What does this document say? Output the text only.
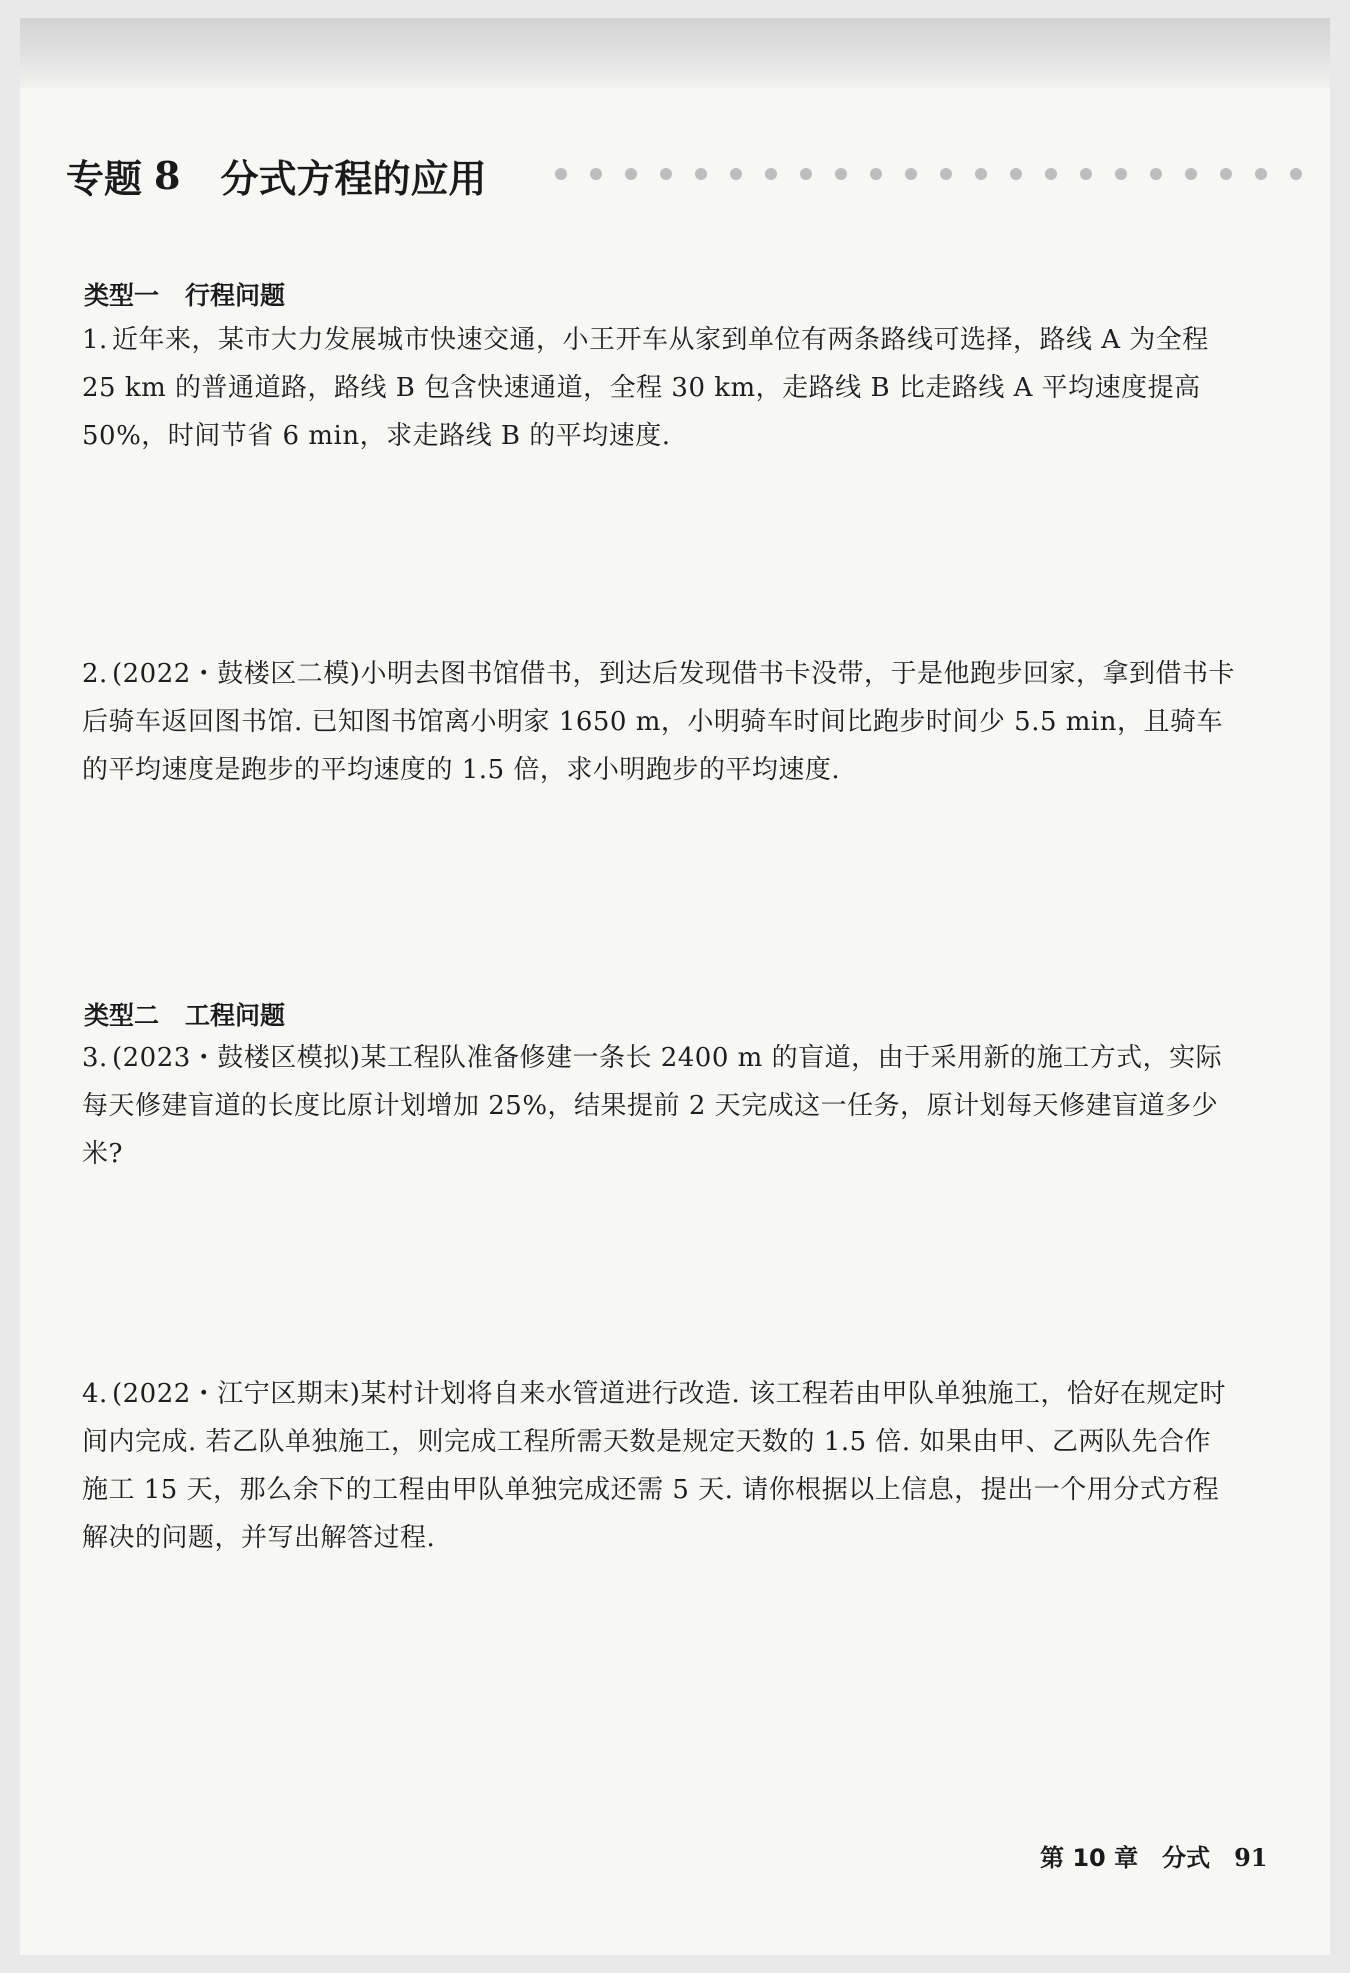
专题 8 分式方程的应用
类型一 行程问题
1. 近年来，某市大力发展城市快速交通，小王开车从家到单位有两条路线可选择，路线 A 为全程 25 km 的普通道路，路线 B 包含快速通道，全程 30 km，走路线 B 比走路线 A 平均速度提高 50%，时间节省 6 min，求走路线 B 的平均速度.
2. (2022・鼓楼区二模)小明去图书馆借书，到达后发现借书卡没带，于是他跑步回家，拿到借书卡后骑车返回图书馆. 已知图书馆离小明家 1650 m，小明骑车时间比跑步时间少 5.5 min，且骑车的平均速度是跑步的平均速度的 1.5 倍，求小明跑步的平均速度.
类型二 工程问题
3. (2023・鼓楼区模拟)某工程队准备修建一条长 2400 m 的盲道，由于采用新的施工方式，实际每天修建盲道的长度比原计划增加 25%，结果提前 2 天完成这一任务，原计划每天修建盲道多少米?
4. (2022・江宁区期末)某村计划将自来水管道进行改造. 该工程若由甲队单独施工，恰好在规定时间内完成. 若乙队单独施工，则完成工程所需天数是规定天数的 1.5 倍. 如果由甲、乙两队先合作施工 15 天，那么余下的工程由甲队单独完成还需 5 天. 请你根据以上信息，提出一个用分式方程解决的问题，并写出解答过程.
第 10 章 分式 91
